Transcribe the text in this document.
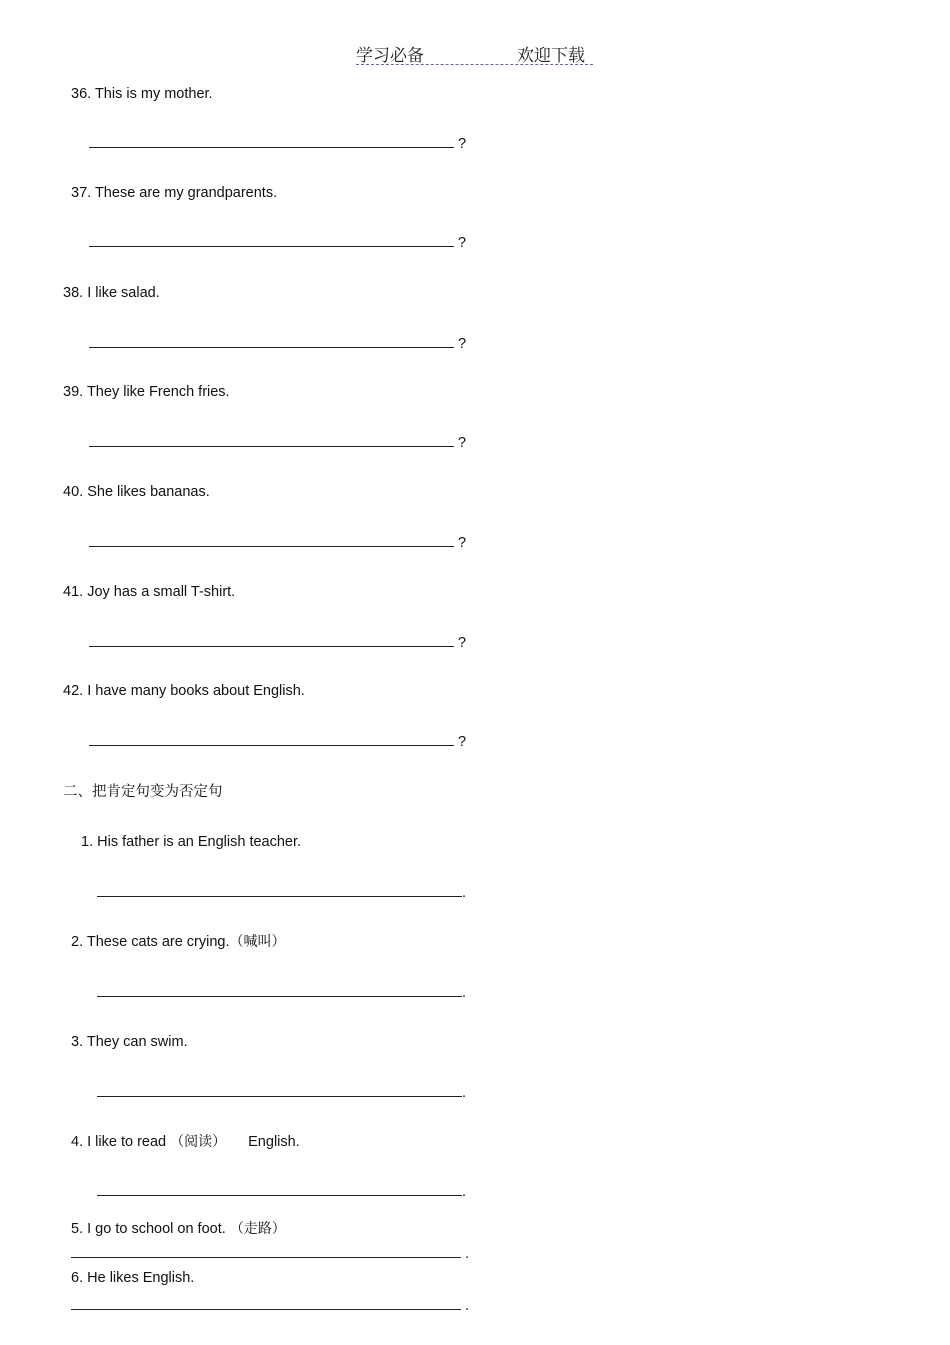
学习必备	欢迎下载
36. This is my mother.
?
37. These are my grandparents.
?
38. I like salad.
?
39. They like French fries.
?
40. She likes bananas.
?
41. Joy has a small T-shirt.
?
42. I have many books about English.
?
二、把肯定句变为否定句
1. His father is an English teacher.
.
2. These cats are crying.（喊叫）
.
3. They can swim.
.
4. I like to read （阅读） English.
.
5. I go to school on foot. （走路）
.
6. He likes English.
.
